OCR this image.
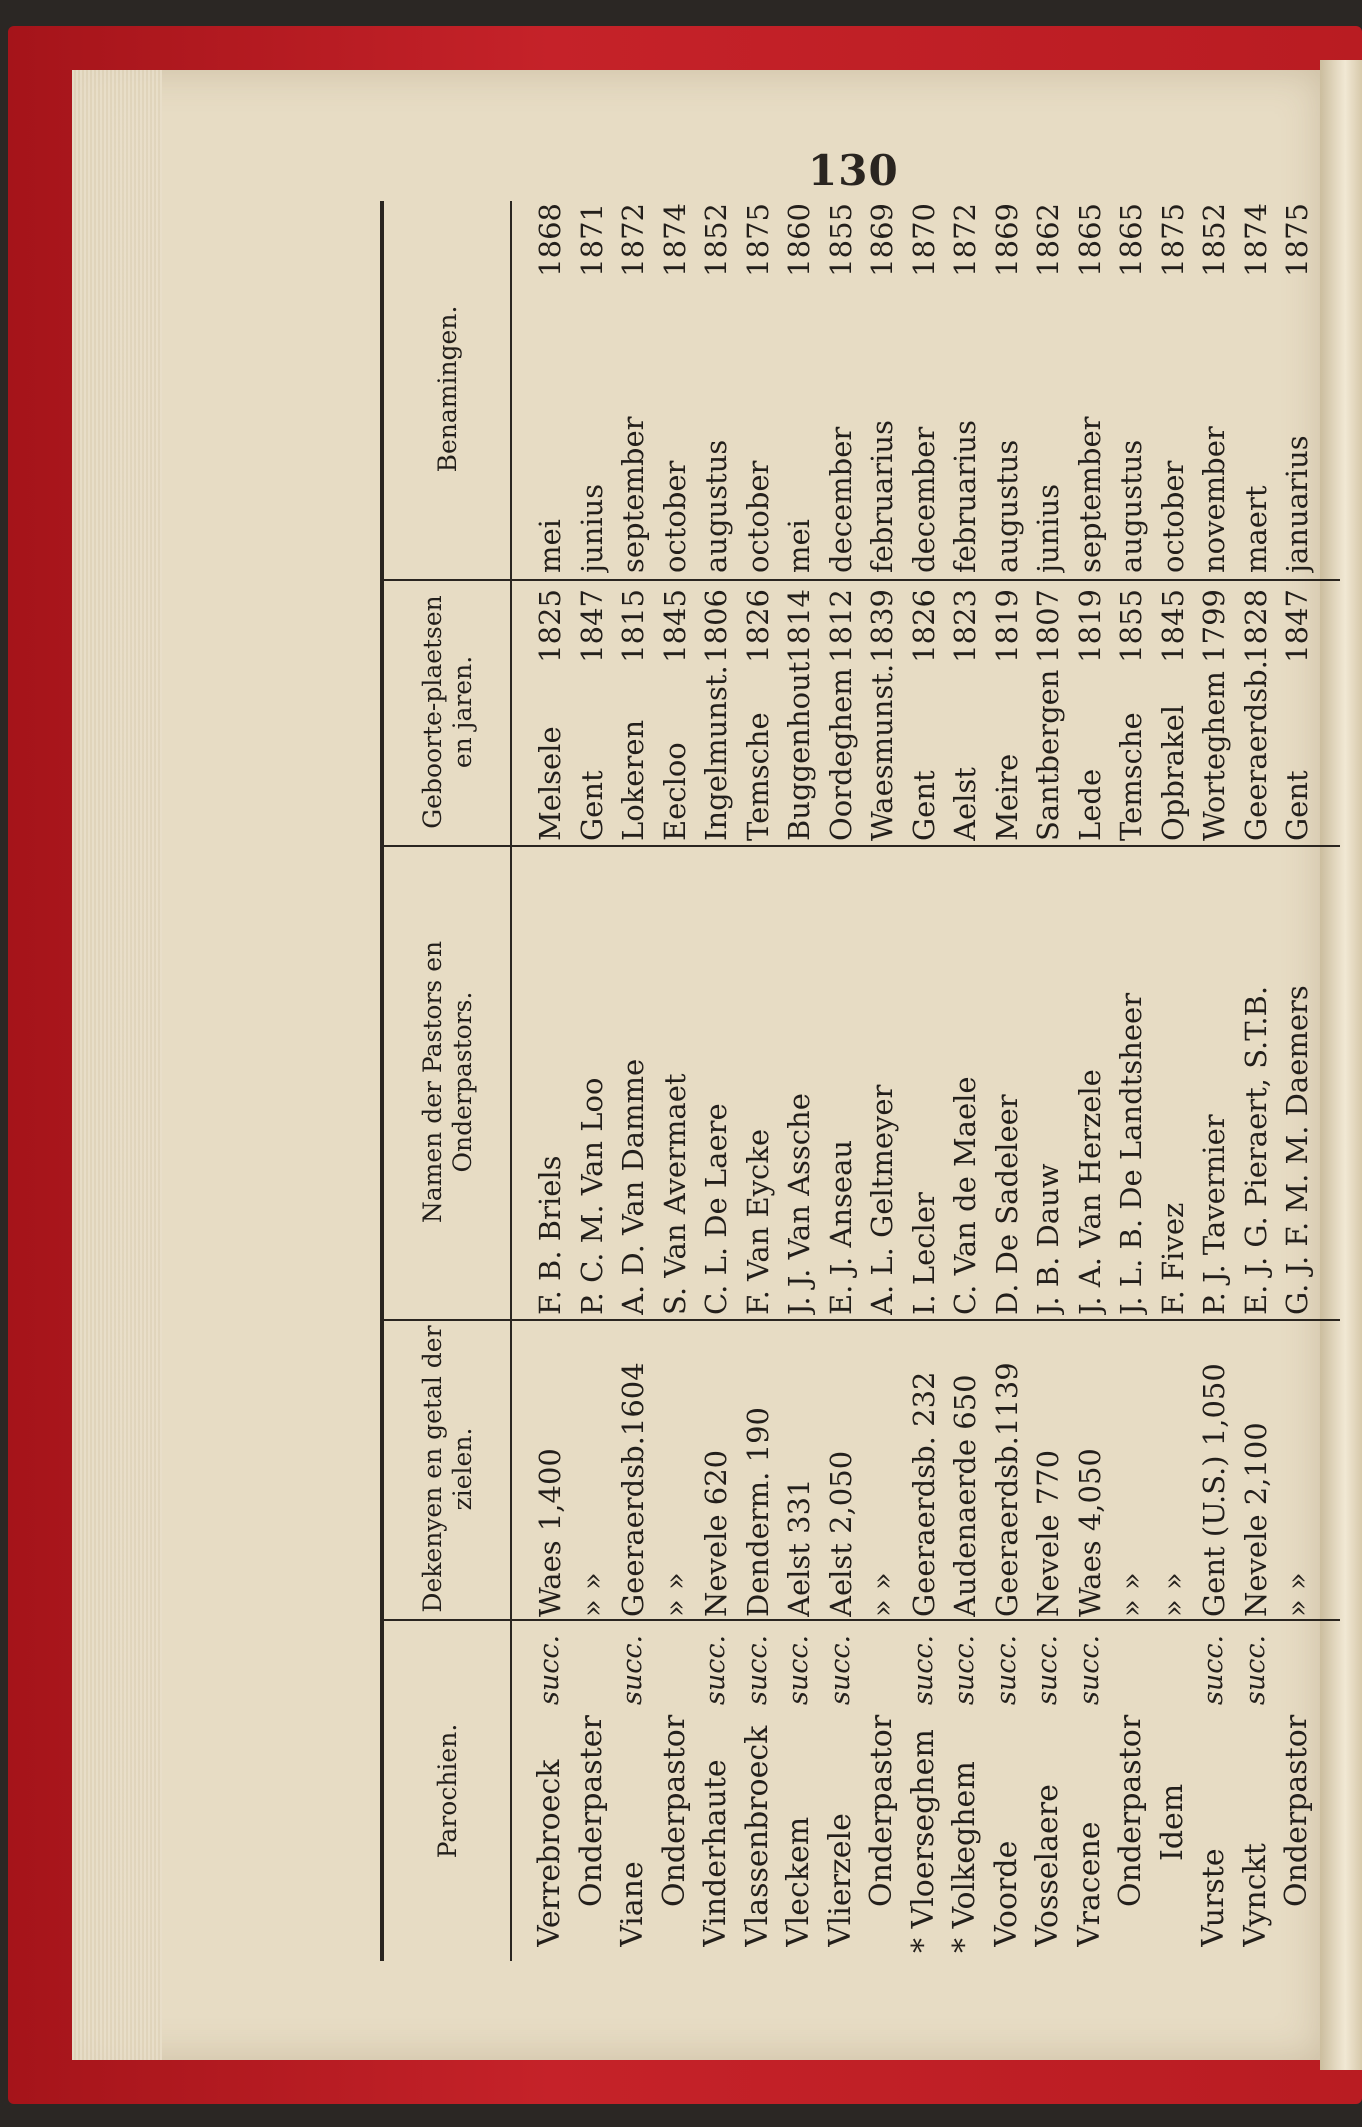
130
Parochien.
Dekenyen en getal der zielen.
Namen der Pastors en Onderpastors.
Geboorte-plaetsen en jaren.
Benamingen.
Verrebroeck
succ.
Waes 1,400
F. B. Briels
Melsele
1825
mei
1868
Onderpaster
» »
P. C. M. Van Loo
Gent
1847
junius
1871
Viane
succ.
Geeraerdsb.1604
A. D. Van Damme
Lokeren
1815
september
1872
Onderpastor
» »
S. Van Avermaet
Eecloo
1845
october
1874
Vinderhaute
succ.
Nevele 620
C. L. De Laere
Ingelmunst.
1806
augustus
1852
Vlassenbroeck
succ.
Denderm. 190
F. Van Eycke
Temsche
1826
october
1875
Vleckem
succ.
Aelst 331
J. J. Van Assche
Buggenhout
1814
mei
1860
Vlierzele
succ.
Aelst 2,050
E. J. Anseau
Oordeghem
1812
december
1855
Onderpastor
» »
A. L. Geltmeyer
Waesmunst.
1839
februarius
1869
* Vloerseghem
succ.
Geeraerdsb. 232
I. Lecler
Gent
1826
december
1870
* Volkeghem
succ.
Audenaerde 650
C. Van de Maele
Aelst
1823
februarius
1872
Voorde
succ.
Geeraerdsb.1139
D. De Sadeleer
Meire
1819
augustus
1869
Vosselaere
succ.
Nevele 770
J. B. Dauw
Santbergen
1807
junius
1862
Vracene
succ.
Waes 4,050
J. A. Van Herzele
Lede
1819
september
1865
Onderpastor
» »
J. L. B. De Landtsheer
Temsche
1855
augustus
1865
Idem
» »
F. Fivez
Opbrakel
1845
october
1875
Vurste
succ.
Gent (U.S.) 1,050
P. J. Tavernier
Worteghem
1799
november
1852
Vynckt
succ.
Nevele 2,100
E. J. G. Pieraert, S.T.B.
Geeraerdsb.
1828
maert
1874
Onderpastor
» »
G. J. F. M. M. Daemers
Gent
1847
januarius
1875
